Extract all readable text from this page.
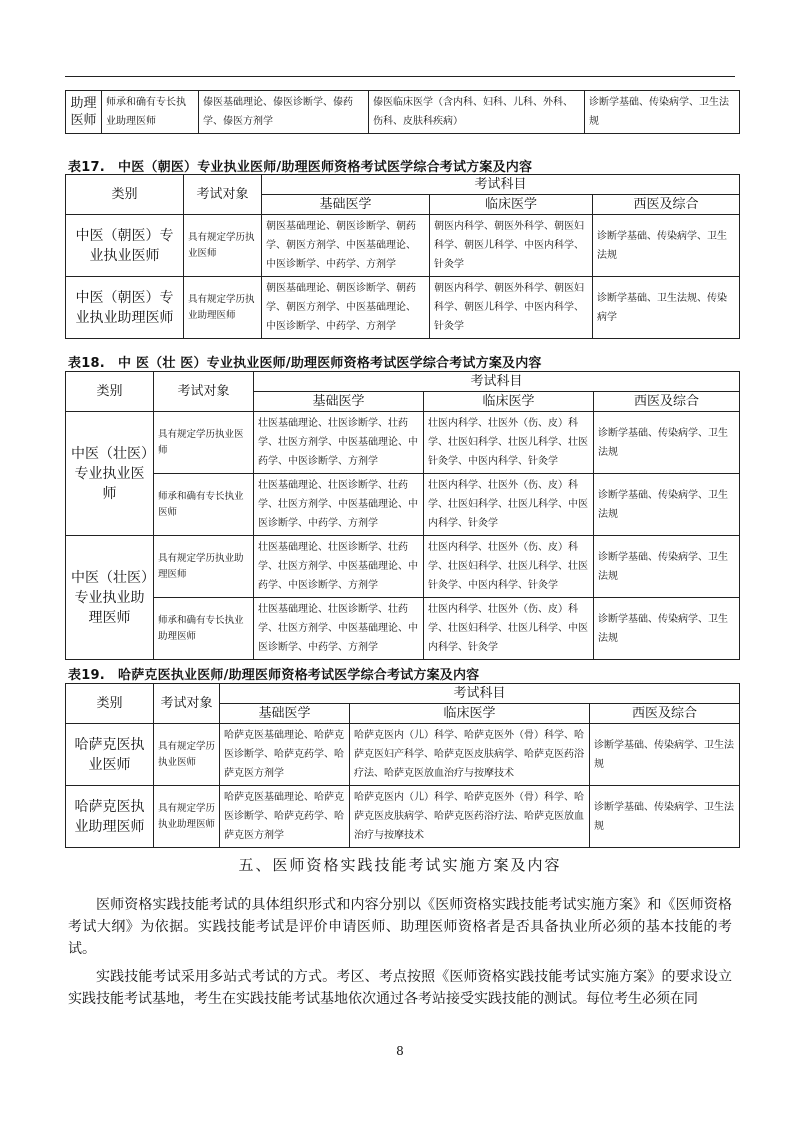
助理医师	师承和确有专长执业助理医师	傣医基础理论、傣医诊断学、傣药学、傣医方剂学	傣医临床医学（含内科、妇科、儿科、外科、伤科、皮肤科疾病）	诊断学基础、传染病学、卫生法规
表17.　中医（朝医）专业执业医师/助理医师资格考试医学综合考试方案及内容
类别	考试对象	考试科目		
		基础医学	临床医学	西医及综合
中医（朝医）专业执业医师	具有规定学历执业医师	朝医基础理论、朝医诊断学、朝药学、朝医方剂学、中医基础理论、中医诊断学、中药学、方剂学	朝医内科学、朝医外科学、朝医妇科学、朝医儿科学、中医内科学、针灸学	诊断学基础、传染病学、卫生法规
中医（朝医）专业执业助理医师	具有规定学历执业助理医师	朝医基础理论、朝医诊断学、朝药学、朝医方剂学、中医基础理论、中医诊断学、中药学、方剂学	朝医内科学、朝医外科学、朝医妇科学、朝医儿科学、中医内科学、针灸学	诊断学基础、卫生法规、传染病学
表18.　中 医（壮 医）专业执业医师/助理医师资格考试医学综合考试方案及内容
类别	考试对象	考试科目		
		基础医学	临床医学	西医及综合
中医（壮医）专业执业医师	具有规定学历执业医师	壮医基础理论、壮医诊断学、壮药学、壮医方剂学、中医基础理论、中药学、中医诊断学、方剂学	壮医内科学、壮医外（伤、皮）科学、壮医妇科学、壮医儿科学、壮医针灸学、中医内科学、针灸学	诊断学基础、传染病学、卫生法规
	师承和确有专长执业医师	壮医基础理论、壮医诊断学、壮药学、壮医方剂学、中医基础理论、中医诊断学、中药学、方剂学	壮医内科学、壮医外（伤、皮）科学、壮医妇科学、壮医儿科学、中医内科学、针灸学	诊断学基础、传染病学、卫生法规
中医（壮医）专业执业助理医师	具有规定学历执业助理医师	壮医基础理论、壮医诊断学、壮药学、壮医方剂学、中医基础理论、中药学、中医诊断学、方剂学	壮医内科学、壮医外（伤、皮）科学、壮医妇科学、壮医儿科学、壮医针灸学、中医内科学、针灸学	诊断学基础、传染病学、卫生法规
	师承和确有专长执业助理医师	壮医基础理论、壮医诊断学、壮药学、壮医方剂学、中医基础理论、中医诊断学、中药学、方剂学	壮医内科学、壮医外（伤、皮）科学、壮医妇科学、壮医儿科学、中医内科学、针灸学	诊断学基础、传染病学、卫生法规
表19.　哈萨克医执业医师/助理医师资格考试医学综合考试方案及内容
类别	考试对象	考试科目		
		基础医学	临床医学	西医及综合
哈萨克医执业医师	具有规定学历执业医师	哈萨克医基础理论、哈萨克医诊断学、哈萨克药学、哈萨克医方剂学	哈萨克医内（儿）科学、哈萨克医外（骨）科学、哈萨克医妇产科学、哈萨克医皮肤病学、哈萨克医药浴疗法、哈萨克医放血治疗与按摩技术	诊断学基础、传染病学、卫生法规
哈萨克医执业助理医师	具有规定学历执业助理医师	哈萨克医基础理论、哈萨克医诊断学、哈萨克药学、哈萨克医方剂学	哈萨克医内（儿）科学、哈萨克医外（骨）科学、哈萨克医皮肤病学、哈萨克医药浴疗法、哈萨克医放血治疗与按摩技术	诊断学基础、传染病学、卫生法规
五、医师资格实践技能考试实施方案及内容

医师资格实践技能考试的具体组织形式和内容分别以《医师资格实践技能考试实施方案》和《医师资格考试大纲》为依据。实践技能考试是评价申请医师、助理医师资格者是否具备执业所必须的基本技能的考试。

实践技能考试采用多站式考试的方式。考区、考点按照《医师资格实践技能考试实施方案》的要求设立实践技能考试基地，考生在实践技能考试基地依次通过各考站接受实践技能的测试。每位考生必须在同

8
